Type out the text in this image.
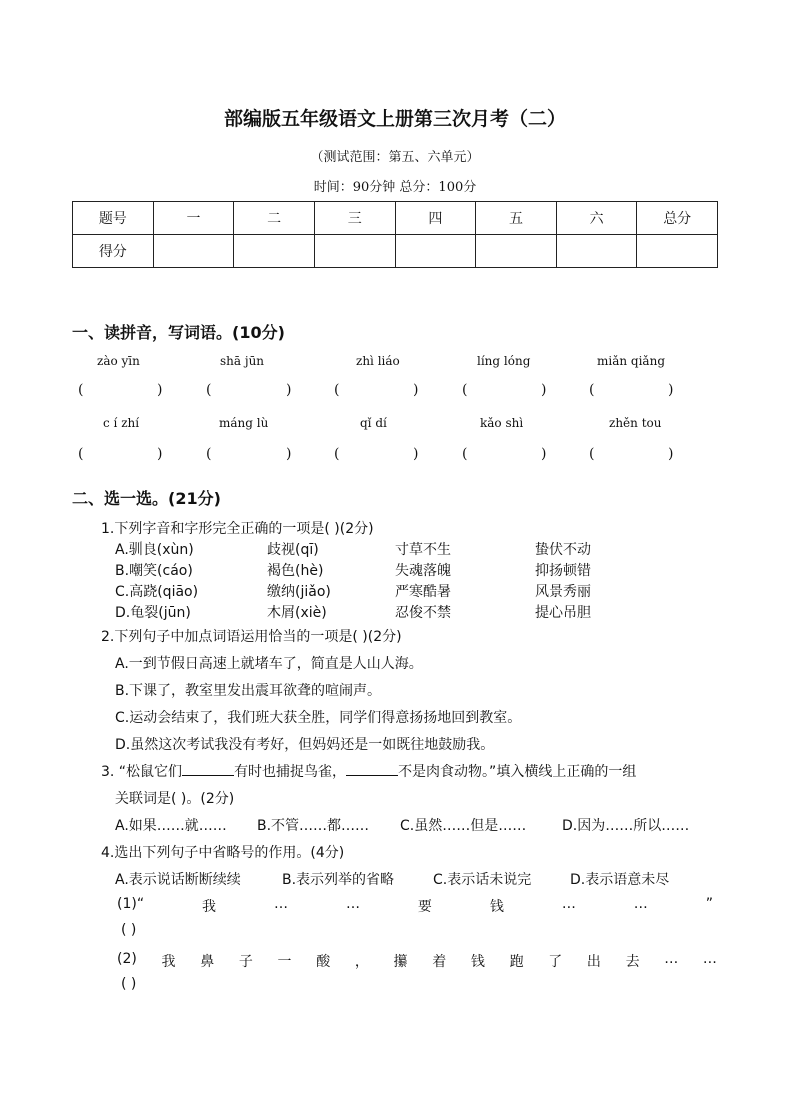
部编版五年级语文上册第三次月考（二）
（测试范围：第五、六单元）
时间：90分钟 总分：100分
题号	一	二	三	四	五	六	总分
得分							
一、读拼音，写词语。(10分)
zào yīn	shā jūn	zhì liáo	líng lóng	miǎn qiǎng
(	)	(	)	(	)	(	)	(	)
c í zhí	máng lù	qǐ dí	kǎo shì	zhěn tou
(	)	(	)	(	)	(	)	(	)
二、选一选。(21分)
1.下列字音和字形完全正确的一项是( )(2分)
A.驯良(xùn)	歧视(qī)	寸草不生	蛰伏不动
B.嘲笑(cáo)	褐色(hè)	失魂落魄	抑扬顿错
C.高跷(qiāo)	缴纳(jiǎo)	严寒酷暑	风景秀丽
D.龟裂(jūn)	木屑(xiè)	忍俊不禁	提心吊胆
2.下列句子中加点词语运用恰当的一项是( )(2分)
A.一到节假日高速上就堵车了，简直是人山人海。
B.下课了，教室里发出震耳欲聋的喧闹声。
C.运动会结束了，我们班大获全胜，同学们得意扬扬地回到教室。
D.虽然这次考试我没有考好，但妈妈还是一如既往地鼓励我。
3. “松鼠它们	有时也捕捉鸟雀，	不是肉食动物。”填入横线上正确的一组
关联词是( )。(2分)
A.如果……就…… B.不管……都…… C.虽然……但是……	D.因为……所以……
4.选出下列句子中省略号的作用。(4分)
A.表示说话断断续续	B.表示列举的省略	C.表示话未说完	D.表示语意未尽
(1)“	我	…	…	要	钱	…	…	”
( )
(2) 我 鼻 子 一 酸 ， 攥 着 钱 跑 了 出 去 … …
( )
